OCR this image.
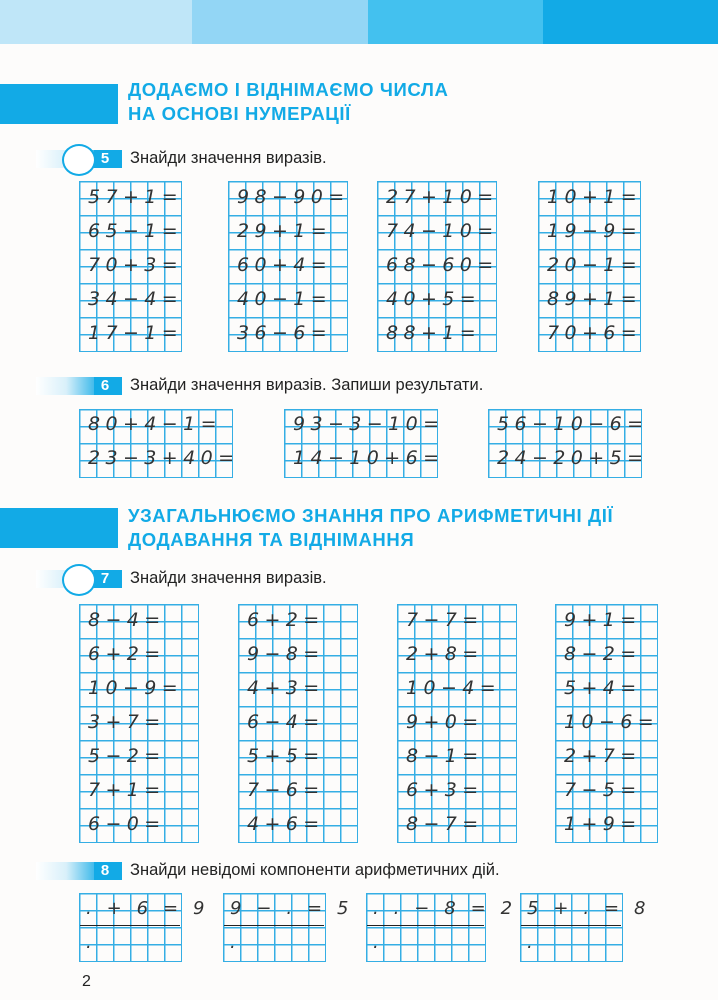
ДОДАЄМО І ВІДНІМАЄМО ЧИСЛА
НА ОСНОВІ НУМЕРАЦІЇ
5	Знайди значення виразів.
57+1=
65−1=
70+3=
34−4=
17−1=
98−90=
29+1=
60+4=
40−1=
36−6=
27+10=
74−10=
68−60=
40+5=
88+1=
10+1=
19−9=
20−1=
89+1=
70+6=
6	Знайди значення виразів. Запиши результати.
80+4−1=
23−3+40=
93−3−10=
14−10+6=
56−10−6=
24−20+5=
УЗАГАЛЬНЮЄМО ЗНАННЯ ПРО АРИФМЕТИЧНІ ДІЇ
ДОДАВАННЯ ТА ВІДНІМАННЯ
7	Знайди значення виразів.
8−4=
6+2=
10−9=
3+7=
5−2=
7+1=
6−0=
6+2=
9−8=
4+3=
6−4=
5+5=
7−6=
4+6=
7−7=
2+8=
10−4=
9+0=
8−1=
6+3=
8−7=
9+1=
8−2=
5+4=
10−6=
2+7=
7−5=
1+9=
8	Знайди невідомі компоненти арифметичних дій.
. + 6 = 9
.
9 − . = 5
.
. . − 8 = 2
.
5 + . = 8
.
2
